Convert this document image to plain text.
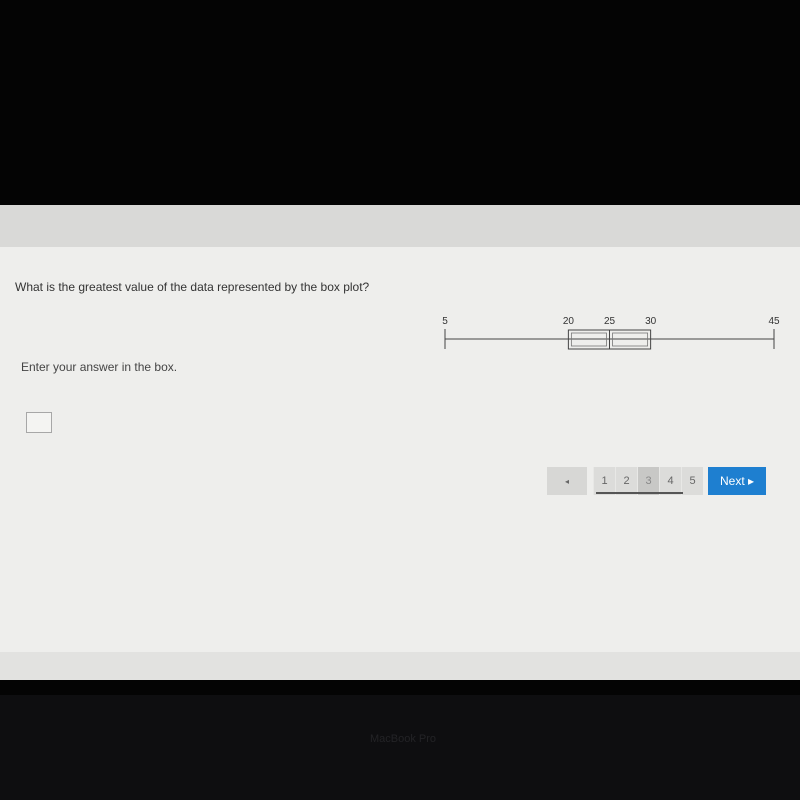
What is the greatest value of the data represented by the box plot?
Enter your answer in the box.
5	20	25	30	45
◂	1	2	3	4	5	Next ▸
MacBook Pro
